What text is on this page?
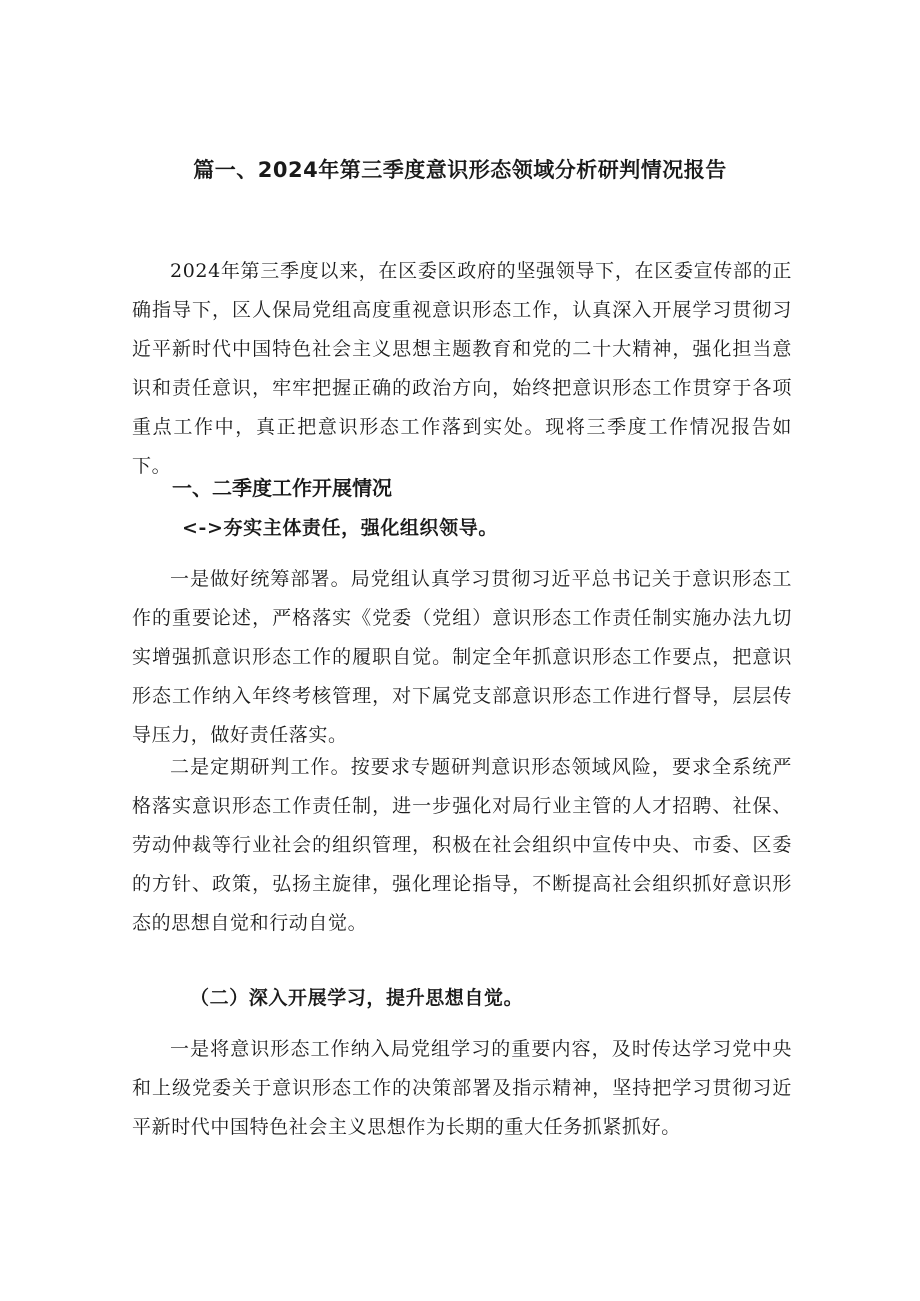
篇一、2024年第三季度意识形态领域分析研判情况报告

2024年第三季度以来，在区委区政府的坚强领导下，在区委宣传部的正确指导下，区人保局党组高度重视意识形态工作，认真深入开展学习贯彻习近平新时代中国特色社会主义思想主题教育和党的二十大精神，强化担当意识和责任意识，牢牢把握正确的政治方向，始终把意识形态工作贯穿于各项重点工作中，真正把意识形态工作落到实处。现将三季度工作情况报告如下。

一、二季度工作开展情况
<->夯实主体责任，强化组织领导。

一是做好统筹部署。局党组认真学习贯彻习近平总书记关于意识形态工作的重要论述，严格落实《党委（党组）意识形态工作责任制实施办法九切实增强抓意识形态工作的履职自觉。制定全年抓意识形态工作要点，把意识形态工作纳入年终考核管理，对下属党支部意识形态工作进行督导，层层传导压力，做好责任落实。

二是定期研判工作。按要求专题研判意识形态领域风险，要求全系统严格落实意识形态工作责任制，进一步强化对局行业主管的人才招聘、社保、劳动仲裁等行业社会的组织管理，积极在社会组织中宣传中央、市委、区委的方针、政策，弘扬主旋律，强化理论指导，不断提高社会组织抓好意识形态的思想自觉和行动自觉。

（二）深入开展学习，提升思想自觉。

一是将意识形态工作纳入局党组学习的重要内容，及时传达学习党中央和上级党委关于意识形态工作的决策部署及指示精神，坚持把学习贯彻习近平新时代中国特色社会主义思想作为长期的重大任务抓紧抓好。
